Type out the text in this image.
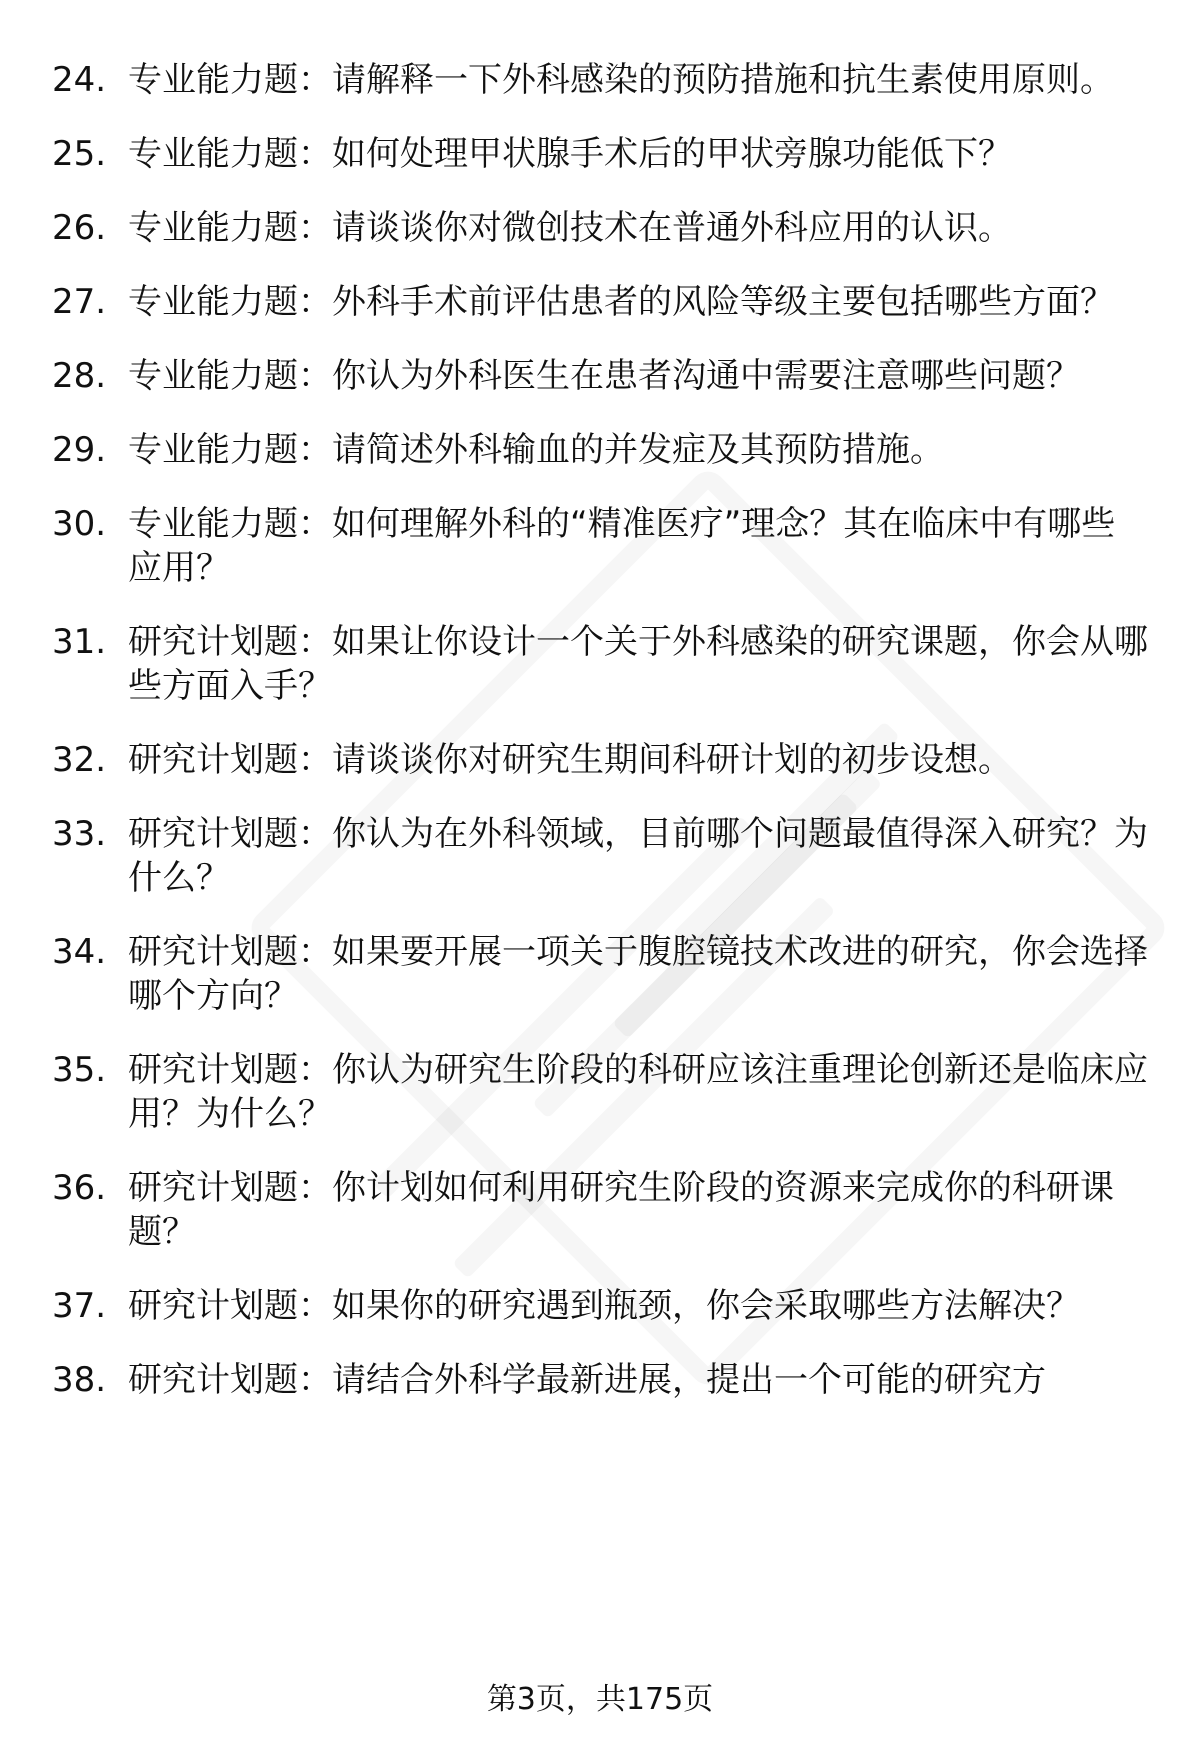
24. 专业能力题：请解释一下外科感染的预防措施和抗生素使用原则。
25. 专业能力题：如何处理甲状腺手术后的甲状旁腺功能低下？
26. 专业能力题：请谈谈你对微创技术在普通外科应用的认识。
27. 专业能力题：外科手术前评估患者的风险等级主要包括哪些方面？
28. 专业能力题：你认为外科医生在患者沟通中需要注意哪些问题？
29. 专业能力题：请简述外科输血的并发症及其预防措施。
30. 专业能力题：如何理解外科的“精准医疗”理念？其在临床中有哪些应用？
31. 研究计划题：如果让你设计一个关于外科感染的研究课题，你会从哪些方面入手？
32. 研究计划题：请谈谈你对研究生期间科研计划的初步设想。
33. 研究计划题：你认为在外科领域，目前哪个问题最值得深入研究？为什么？
34. 研究计划题：如果要开展一项关于腹腔镜技术改进的研究，你会选择哪个方向？
35. 研究计划题：你认为研究生阶段的科研应该注重理论创新还是临床应用？为什么？
36. 研究计划题：你计划如何利用研究生阶段的资源来完成你的科研课题？
37. 研究计划题：如果你的研究遇到瓶颈，你会采取哪些方法解决？
38. 研究计划题：请结合外科学最新进展，提出一个可能的研究方
第3页，共175页
